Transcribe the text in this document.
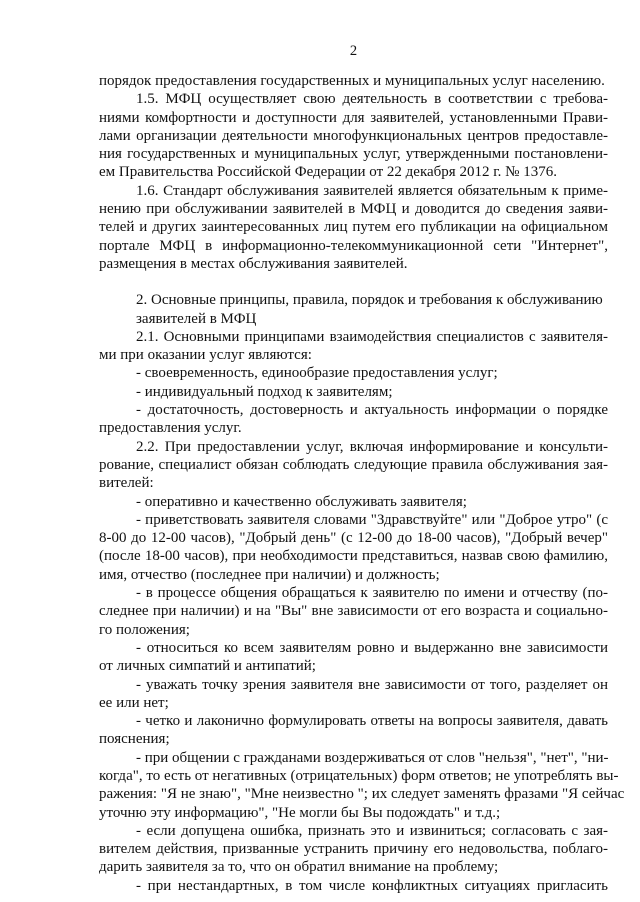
2
порядок предоставления государственных и муниципальных услуг населению.
1.5. МФЦ осуществляет свою деятельность в соответствии с требова-
ниями комфортности и доступности для заявителей, установленными Прави-
лами организации деятельности многофункциональных центров предоставле-
ния государственных и муниципальных услуг, утвержденными постановлени-
ем Правительства Российской Федерации от 22 декабря 2012 г. № 1376.
1.6. Стандарт обслуживания заявителей является обязательным к приме-
нению при обслуживании заявителей в МФЦ и доводится до сведения заяви-
телей и других заинтересованных лиц путем его публикации на официальном
портале МФЦ в информационно-телекоммуникационной сети "Интернет",
размещения в местах обслуживания заявителей.
2. Основные принципы, правила, порядок и требования к обслуживанию
заявителей в МФЦ
2.1. Основными принципами взаимодействия специалистов с заявителя-
ми при оказании услуг являются:
- своевременность, единообразие предоставления услуг;
- индивидуальный подход к заявителям;
- достаточность, достоверность и актуальность информации о порядке
предоставления услуг.
2.2. При предоставлении услуг, включая информирование и консульти-
рование, специалист обязан соблюдать следующие правила обслуживания зая-
вителей:
- оперативно и качественно обслуживать заявителя;
- приветствовать заявителя словами "Здравствуйте" или "Доброе утро" (с
8-00 до 12-00 часов), "Добрый день" (с 12-00 до 18-00 часов), "Добрый вечер"
(после 18-00 часов), при необходимости представиться, назвав свою фамилию,
имя, отчество (последнее при наличии) и должность;
- в процессе общения обращаться к заявителю по имени и отчеству (по-
следнее при наличии) и на "Вы" вне зависимости от его возраста и социально-
го положения;
- относиться ко всем заявителям ровно и выдержанно вне зависимости
от личных симпатий и антипатий;
- уважать точку зрения заявителя вне зависимости от того, разделяет он
ее или нет;
- четко и лаконично формулировать ответы на вопросы заявителя, давать
пояснения;
- при общении с гражданами воздерживаться от слов "нельзя", "нет", "ни-
когда", то есть от негативных (отрицательных) форм ответов; не употреблять вы-
ражения: "Я не знаю", "Мне неизвестно "; их следует заменять фразами "Я сейчас
уточню эту информацию", "Не могли бы Вы подождать" и т.д.;
- если допущена ошибка, признать это и извиниться; согласовать с зая-
вителем действия, призванные устранить причину его недовольства, поблаго-
дарить заявителя за то, что он обратил внимание на проблему;
- при нестандартных, в том числе конфликтных ситуациях пригласить
